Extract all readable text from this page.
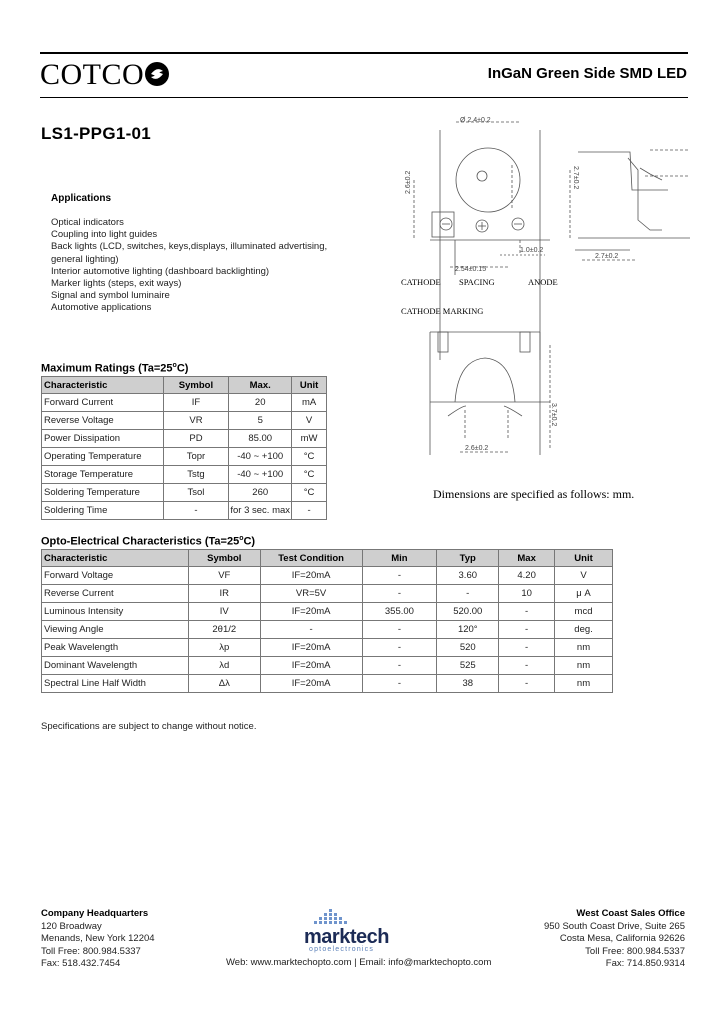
COTCO	InGaN Green Side SMD LED
LS1-PPG1-01
Applications
Optical indicators
Coupling into light guides
Back lights (LCD, switches, keys,displays, illuminated advertising,
general lighting)
Interior automotive lighting (dashboard backlighting)
Marker lights (steps, exit ways)
Signal and symbol luminaire
Automotive applications
2.7±0.2
2.6±0.2
Ø 2.4±0.2
3.7±0.2
2.6±0.2
1.0±0.2
2.7±0.2
2.54±0.15
CATHODE SPACING	ANODE
CATHODE MARKING
Dimensions are specified as follows: mm.
Maximum Ratings $(Ta=25^oC)$
Characteristic	Symbol	Max.	Unit
Forward Current	IF	20	mA
Reverse Voltage	VR	5	V
Power Dissipation	PD	85.00	mW
Operating Temperature	Topr	-40 ~ +100	°C
Storage Temperature	Tstg	-40 ~ +100	°C
Soldering Temperature	Tsol	260	°C
Soldering Time	-	for 3 sec. max	-
Opto-Electrical Characteristics $(Ta=25^oC)$
Characteristic	Symbol	Test Condition	Min	Typ	Max	Unit
Forward Voltage	VF	IF=20mA	-	3.60	4.20	V
Reverse Current	IR	VR=5V	-	-	10	μ A
Luminous Intensity	IV	IF=20mA	355.00	520.00	-	mcd
Viewing Angle	2θ1/2	-	-	120°	-	deg.
Peak Wavelength	λp	IF=20mA	-	520	-	nm
Dominant Wavelength	λd	IF=20mA	-	525	-	nm
Spectral Line Half Width	Δλ	IF=20mA	-	38	-	nm
Specifications are subject to change without notice.
Company Headquarters
120 Broadway
Menands, New York 12204
Toll Free: 800.984.5337
Fax: 518.432.7454
marktech
optoelectronics
West Coast Sales Office
950 South Coast Drive, Suite 265
Costa Mesa, California 92626
Toll Free: 800.984.5337
Fax: 714.850.9314
Web: www.marktechopto.com | Email: info@marktechopto.com
